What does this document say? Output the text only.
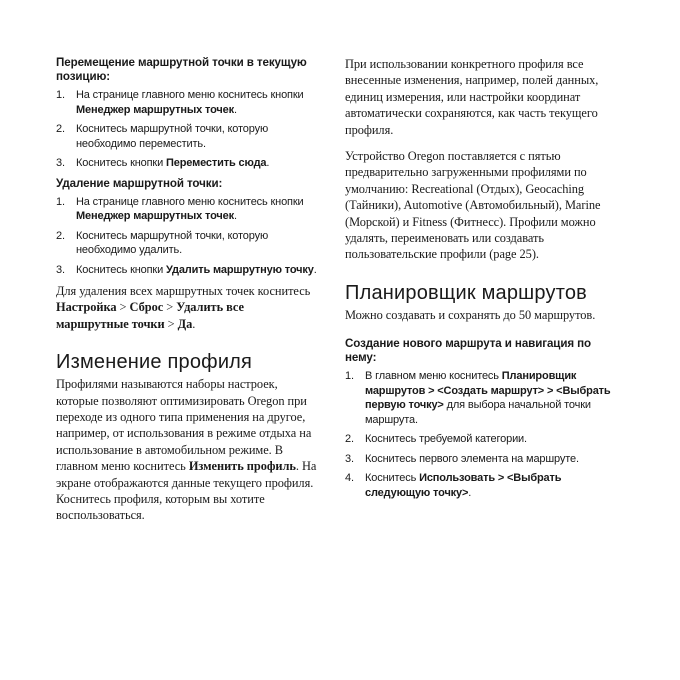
Перемещение маршрутной точки в текущую позицию:
1. На странице главного меню коснитесь кнопки Менеджер маршрутных точек.
2. Коснитесь маршрутной точки, которую необходимо переместить.
3. Коснитесь кнопки Переместить сюда.
Удаление маршрутной точки:
1. На странице главного меню коснитесь кнопки Менеджер маршрутных точек.
2. Коснитесь маршрутной точки, которую необходимо удалить.
3. Коснитесь кнопки Удалить маршрутную точку.

Для удаления всех маршрутных точек коснитесь Настройка > Сброс > Удалить все маршрутные точки > Да.

Изменение профиля

Профилями называются наборы настроек, которые позволяют оптимизировать Oregon при переходе из одного типа применения на другое, например, от использования в режиме отдыха на использование в автомобильном режиме. В главном меню коснитесь Изменить профиль. На экране отображаются данные текущего профиля. Коснитесь профиля, которым вы хотите воспользоваться.

При использовании конкретного профиля все внесенные изменения, например, полей данных, единиц измерения, или настройки координат автоматически сохраняются, как часть текущего профиля.

Устройство Oregon поставляется с пятью предварительно загруженными профилями по умолчанию: Recreational (Отдых), Geocaching (Тайники), Automotive (Автомобильный), Marine (Морской) и Fitness (Фитнесс). Профили можно удалять, переименовать или создавать пользовательские профили (page 25).

Планировщик маршрутов

Можно создавать и сохранять до 50 маршрутов.

Создание нового маршрута и навигация по нему:
1. В главном меню коснитесь Планировщик маршрутов > <Создать маршрут> > <Выбрать первую точку> для выбора начальной точки маршрута.
2. Коснитесь требуемой категории.
3. Коснитесь первого элемента на маршруте.
4. Коснитесь Использовать > <Выбрать следующую точку>.
